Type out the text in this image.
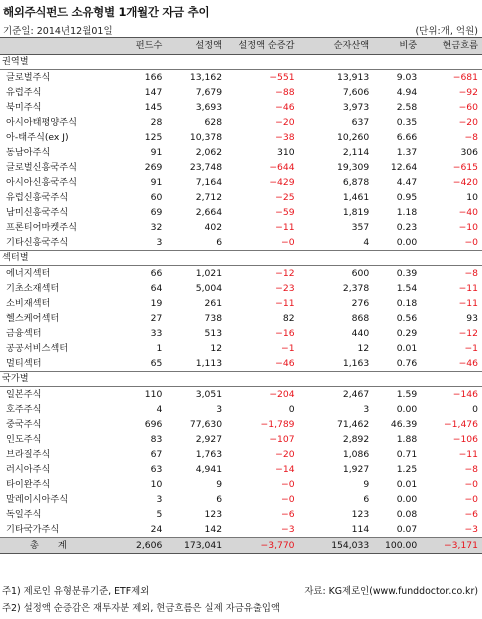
해외주식펀드 소유형별 1개월간 자금 추이
기준일: 2014년12월01일	(단위:개, 억원)
	펀드수	설정액	설정액 순증감	순자산액	비중	현금흐름
권역별						
글로벌주식	166	13,162	−551	13,913	9.03	−681
유럽주식	147	7,679	−88	7,606	4.94	−92
북미주식	145	3,693	−46	3,973	2.58	−60
아시아태평양주식	28	628	−20	637	0.35	−20
아-태주식(ex J)	125	10,378	−38	10,260	6.66	−8
동남아주식	91	2,062	310	2,114	1.37	306
글로벌신흥국주식	269	23,748	−644	19,309	12.64	−615
아시아신흥국주식	91	7,164	−429	6,878	4.47	−420
유럽신흥국주식	60	2,712	−25	1,461	0.95	10
남미신흥국주식	69	2,664	−59	1,819	1.18	−40
프론티어마켓주식	32	402	−11	357	0.23	−10
기타신흥국주식	3	6	−0	4	0.00	−0
섹터별						
에너지섹터	66	1,021	−12	600	0.39	−8
기초소재섹터	64	5,004	−23	2,378	1.54	−11
소비재섹터	19	261	−11	276	0.18	−11
헬스케어섹터	27	738	82	868	0.56	93
금융섹터	33	513	−16	440	0.29	−12
공공서비스섹터	1	12	−1	12	0.01	−1
멀티섹터	65	1,113	−46	1,163	0.76	−46
국가별						
일본주식	110	3,051	−204	2,467	1.59	−146
호주주식	4	3	0	3	0.00	0
중국주식	696	77,630	−1,789	71,462	46.39	−1,476
인도주식	83	2,927	−107	2,892	1.88	−106
브라질주식	67	1,763	−20	1,086	0.71	−11
러시아주식	63	4,941	−14	1,927	1.25	−8
타이완주식	10	9	−0	9	0.01	−0
말레이시아주식	3	6	−0	6	0.00	−0
독일주식	5	123	−6	123	0.08	−6
기타국가주식	24	142	−3	114	0.07	−3
총 계	2,606	173,041	−3,770	154,033	100.00	−3,171
주1) 제로인 유형분류기준, ETF제외	자료: KG제로인(www.funddoctor.co.kr)
주2) 설정액 순증감은 재투자분 제외, 현금흐름은 실제 자금유출입액
